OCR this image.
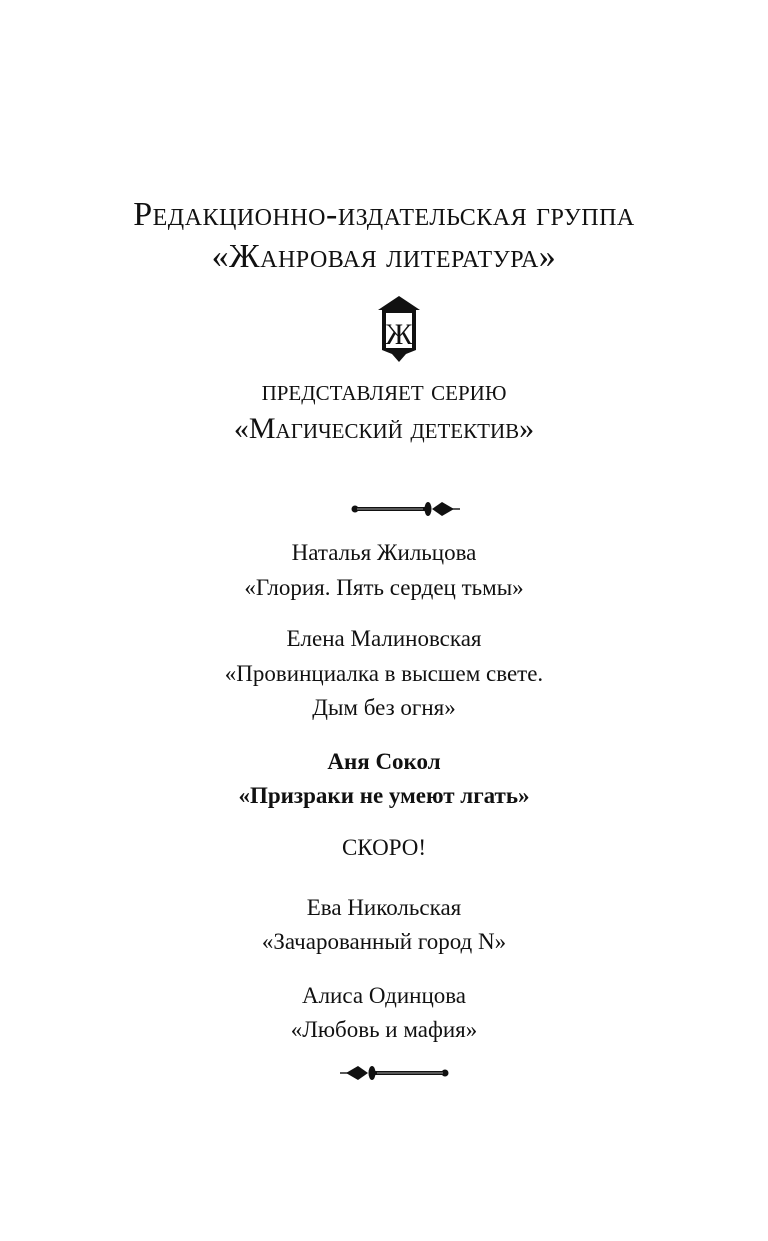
Редакционно-издательская группа
«Жанровая литература»
Ж
представляет серию
«Магический детектив»
Наталья Жильцова
«Глория. Пять сердец тьмы»
Елена Малиновская
«Провинциалка в высшем свете.
Дым без огня»
Аня Сокол
«Призраки не умеют лгать»
СКОРО!
Ева Никольская
«Зачарованный город N»
Алиса Одинцова
«Любовь и мафия»
